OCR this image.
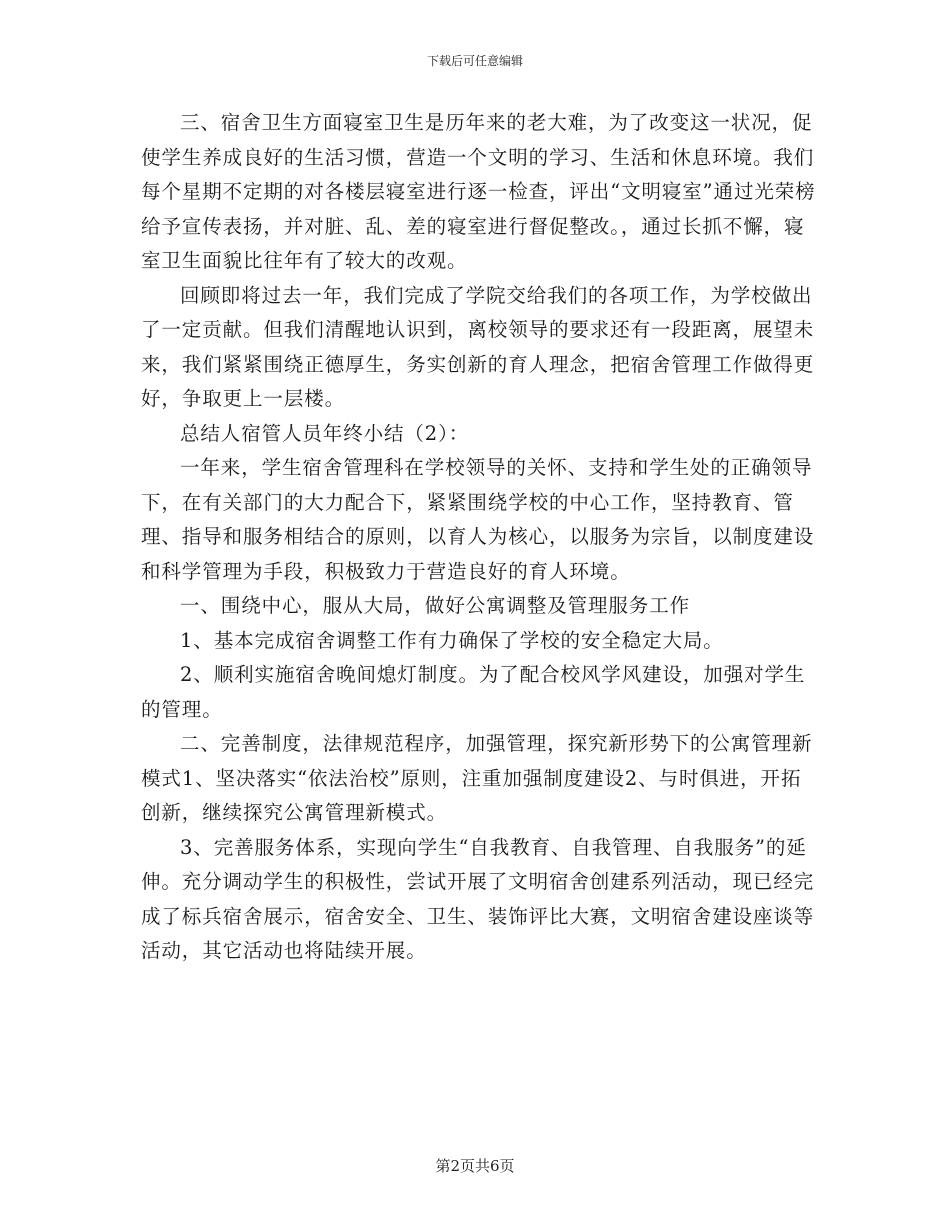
下载后可任意编辑

三、宿舍卫生方面寝室卫生是历年来的老大难，为了改变这一状况，促使学生养成良好的生活习惯，营造一个文明的学习、生活和休息环境。我们每个星期不定期的对各楼层寝室进行逐一检查，评出“文明寝室”通过光荣榜给予宣传表扬，并对脏、乱、差的寝室进行督促整改。，通过长抓不懈，寝室卫生面貌比往年有了较大的改观。

回顾即将过去一年，我们完成了学院交给我们的各项工作，为学校做出了一定贡献。但我们清醒地认识到，离校领导的要求还有一段距离，展望未来，我们紧紧围绕正德厚生，务实创新的育人理念，把宿舍管理工作做得更好，争取更上一层楼。

总结人宿管人员年终小结（2）：

一年来，学生宿舍管理科在学校领导的关怀、支持和学生处的正确领导下，在有关部门的大力配合下，紧紧围绕学校的中心工作，坚持教育、管理、指导和服务相结合的原则，以育人为核心，以服务为宗旨，以制度建设和科学管理为手段，积极致力于营造良好的育人环境。

一、围绕中心，服从大局，做好公寓调整及管理服务工作

1、基本完成宿舍调整工作有力确保了学校的安全稳定大局。

2、顺利实施宿舍晚间熄灯制度。为了配合校风学风建设，加强对学生的管理。

二、完善制度，法律规范程序，加强管理，探究新形势下的公寓管理新模式1、坚决落实“依法治校”原则，注重加强制度建设2、与时俱进，开拓创新，继续探究公寓管理新模式。

3、完善服务体系，实现向学生“自我教育、自我管理、自我服务”的延伸。充分调动学生的积极性，尝试开展了文明宿舍创建系列活动，现已经完成了标兵宿舍展示，宿舍安全、卫生、装饰评比大赛，文明宿舍建设座谈等活动，其它活动也将陆续开展。

第2页共6页
